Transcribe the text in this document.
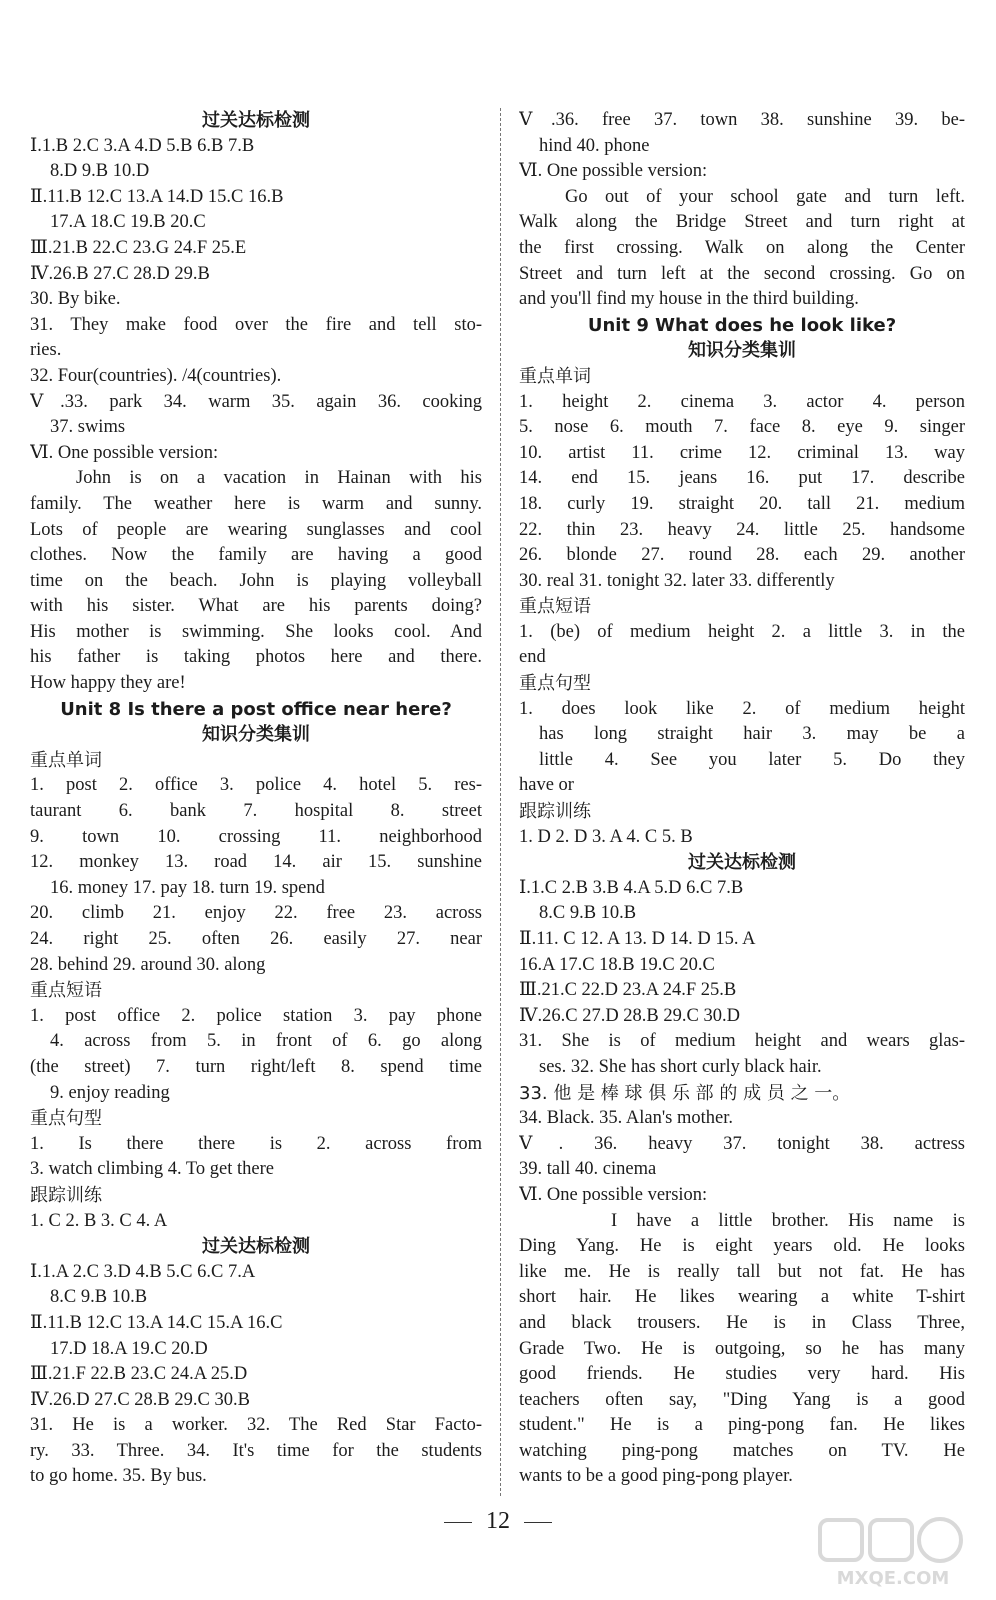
过关达标检测
Ⅰ.1.B 2.C 3.A 4.D 5.B 6.B 7.B
8.D 9.B 10.D
Ⅱ.11.B 12.C 13.A 14.D 15.C 16.B
17.A 18.C 19.B 20.C
Ⅲ.21.B 22.C 23.G 24.F 25.E
Ⅳ.26.B 27.C 28.D 29.B
30. By bike.
31. They make food over the fire and tell sto-
ries.
32. Four(countries). /4(countries).
Ⅴ.33. park 34. warm 35. again 36. cooking
37. swims
Ⅵ. One possible version:
John is on a vacation in Hainan with his
family. The weather here is warm and sunny.
Lots of people are wearing sunglasses and cool
clothes. Now the family are having a good
time on the beach. John is playing volleyball
with his sister. What are his parents doing?
His mother is swimming. She looks cool. And
his father is taking photos here and there.
How happy they are!
Unit 8 Is there a post office near here?
知识分类集训
重点单词
1. post 2. office 3. police 4. hotel 5. res-
taurant 6. bank 7. hospital 8. street
9. town 10. crossing 11. neighborhood
12. monkey 13. road 14. air 15. sunshine
16. money 17. pay 18. turn 19. spend
20. climb 21. enjoy 22. free 23. across
24. right 25. often 26. easily 27. near
28. behind 29. around 30. along
重点短语
1. post office 2. police station 3. pay phone
4. across from 5. in front of 6. go along
(the street) 7. turn right/left 8. spend time
9. enjoy reading
重点句型
1. Is there there is 2. across from
3. watch climbing 4. To get there
跟踪训练
1. C 2. B 3. C 4. A
过关达标检测
Ⅰ.1.A 2.C 3.D 4.B 5.C 6.C 7.A
8.C 9.B 10.B
Ⅱ.11.B 12.C 13.A 14.C 15.A 16.C
17.D 18.A 19.C 20.D
Ⅲ.21.F 22.B 23.C 24.A 25.D
Ⅳ.26.D 27.C 28.B 29.C 30.B
31. He is a worker. 32. The Red Star Facto-
ry. 33. Three. 34. It's time for the students
to go home. 35. By bus.
Ⅴ.36. free 37. town 38. sunshine 39. be-
hind 40. phone
Ⅵ. One possible version:
Go out of your school gate and turn left.
Walk along the Bridge Street and turn right at
the first crossing. Walk on along the Center
Street and turn left at the second crossing. Go on
and you'll find my house in the third building.
Unit 9 What does he look like?
知识分类集训
重点单词
1. height 2. cinema 3. actor 4. person
5. nose 6. mouth 7. face 8. eye 9. singer
10. artist 11. crime 12. criminal 13. way
14. end 15. jeans 16. put 17. describe
18. curly 19. straight 20. tall 21. medium
22. thin 23. heavy 24. little 25. handsome
26. blonde 27. round 28. each 29. another
30. real 31. tonight 32. later 33. differently
重点短语
1. (be) of medium height 2. a little 3. in the
end
重点句型
1. does look like 2. of medium height
has long straight hair 3. may be a
little 4. See you later 5. Do they
have or
跟踪训练
1. D 2. D 3. A 4. C 5. B
过关达标检测
Ⅰ.1.C 2.B 3.B 4.A 5.D 6.C 7.B
8.C 9.B 10.B
Ⅱ.11. C 12. A 13. D 14. D 15. A
16.A 17.C 18.B 19.C 20.C
Ⅲ.21.C 22.D 23.A 24.F 25.B
Ⅳ.26.C 27.D 28.B 29.C 30.D
31. She is of medium height and wears glas-
ses. 32. She has short curly black hair.
33. 他 是 棒 球 俱 乐 部 的 成 员 之 一。
34. Black. 35. Alan's mother.
Ⅴ. 36. heavy 37. tonight 38. actress
39. tall 40. cinema
Ⅵ. One possible version:
I have a little brother. His name is
Ding Yang. He is eight years old. He looks
like me. He is really tall but not fat. He has
short hair. He likes wearing a white T-shirt
and black trousers. He is in Class Three,
Grade Two. He is outgoing, so he has many
good friends. He studies very hard. His
teachers often say, "Ding Yang is a good
student." He is a ping-pong fan. He likes
watching ping-pong matches on TV. He
wants to be a good ping-pong player.
12
MXQE.COM
